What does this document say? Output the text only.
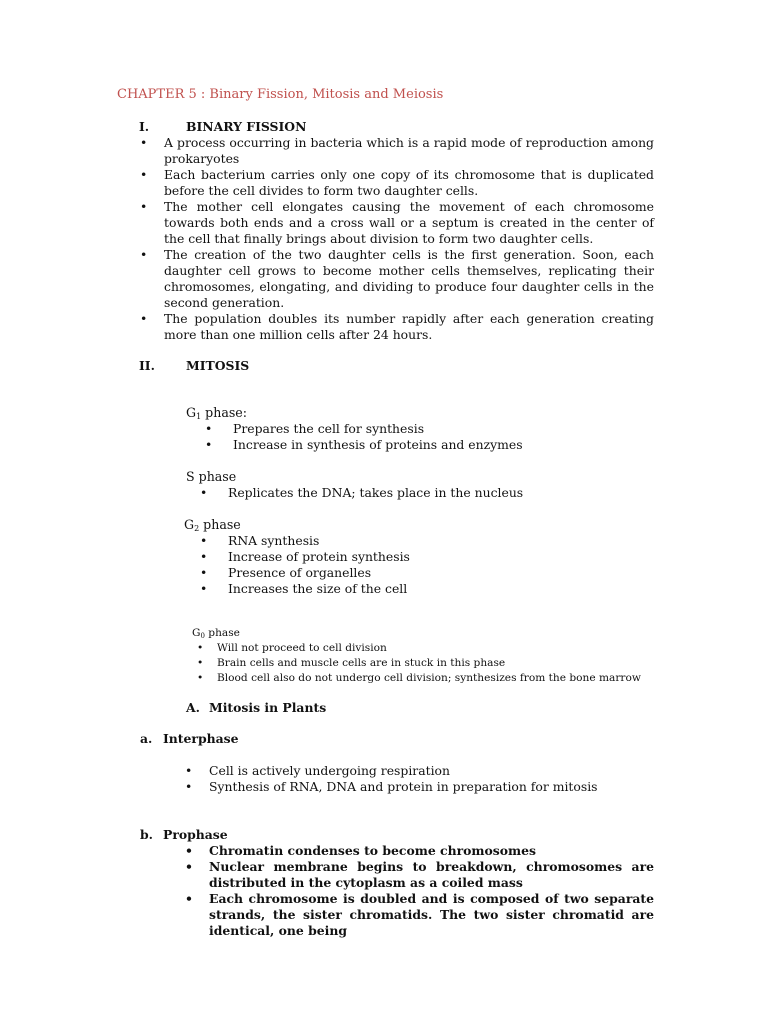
CHAPTER 5 : Binary Fission, Mitosis and Meiosis
I.	BINARY FISSION
• A process occurring in bacteria which is a rapid mode of reproduction among prokaryotes
• Each bacterium carries only one copy of its chromosome that is duplicated before the cell divides to form two daughter cells.
• The mother cell elongates causing the movement of each chromosome towards both ends and a cross wall or a septum is created in the center of the cell that finally brings about division to form two daughter cells.
• The creation of the two daughter cells is the first generation. Soon, each daughter cell grows to become mother cells themselves, replicating their chromosomes, elongating, and dividing to produce four daughter cells in the second generation.
• The population doubles its number rapidly after each generation creating more than one million cells after 24 hours.
II.	MITOSIS
$G_1$ phase:
• Prepares the cell for synthesis
• Increase in synthesis of proteins and enzymes
S phase
• Replicates the DNA; takes place in the nucleus
$G_2$ phase
• RNA synthesis
• Increase of protein synthesis
• Presence of organelles
• Increases the size of the cell
$G_0$ phase
• Will not proceed to cell division
• Brain cells and muscle cells are in stuck in this phase
• Blood cell also do not undergo cell division; synthesizes from the bone marrow
A. Mitosis in Plants
a. Interphase
• Cell is actively undergoing respiration
• Synthesis of RNA, DNA and protein in preparation for mitosis
b. Prophase
• Chromatin condenses to become chromosomes
• Nuclear membrane begins to breakdown, chromosomes are distributed in the cytoplasm as a coiled mass
• Each chromosome is doubled and is composed of two separate strands, the sister chromatids. The two sister chromatid are identical, one being
